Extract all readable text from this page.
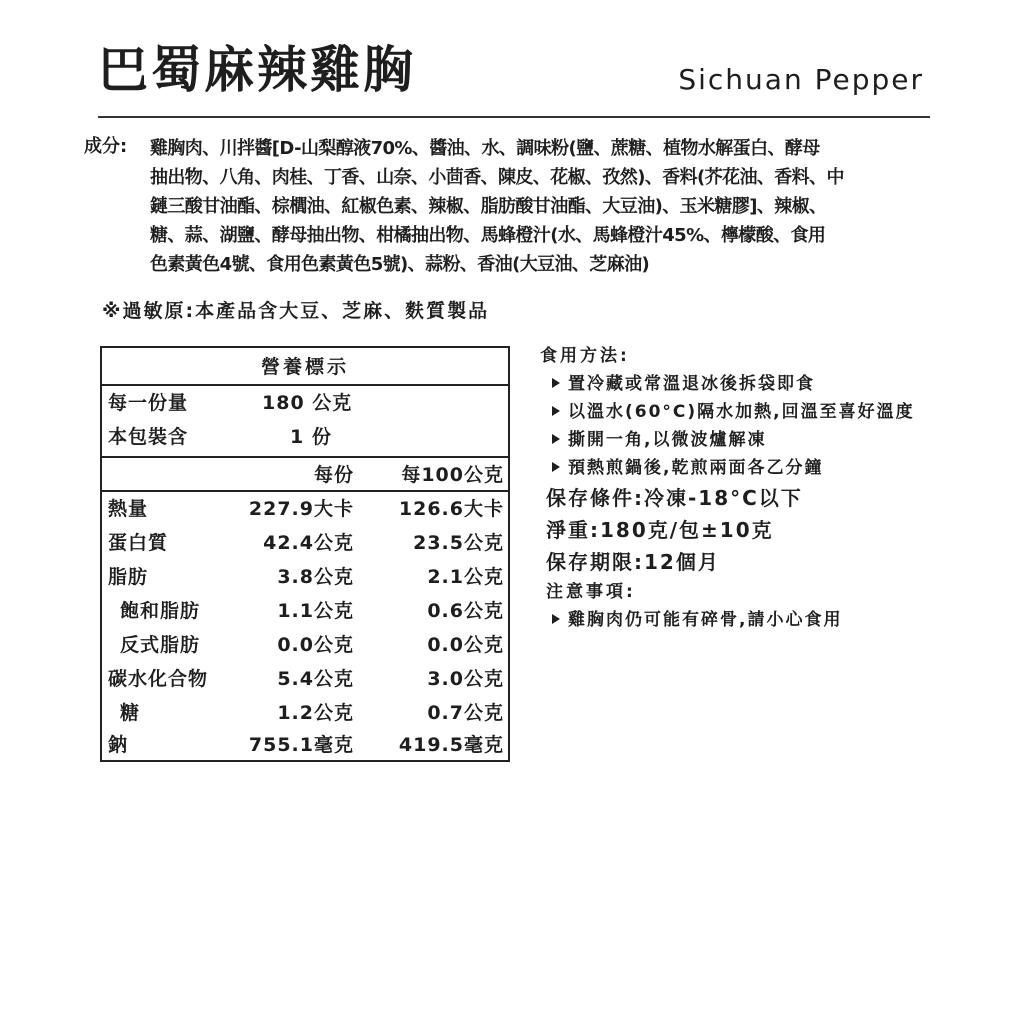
巴蜀麻辣雞胸	Sichuan Pepper
成分: 雞胸肉、川拌醬[D-山梨醇液70%、醬油、水、調味粉(鹽、蔗糖、植物水解蛋白、酵母
抽出物、八角、肉桂、丁香、山奈、小茴香、陳皮、花椒、孜然)、香料(芥花油、香料、中
鏈三酸甘油酯、棕櫚油、紅椒色素、辣椒、脂肪酸甘油酯、大豆油)、玉米糖膠]、辣椒、
糖、蒜、湖鹽、酵母抽出物、柑橘抽出物、馬蜂橙汁(水、馬蜂橙汁45%、檸檬酸、食用
色素黃色4號、食用色素黃色5號)、蒜粉、香油(大豆油、芝麻油)
※過敏原:本產品含大豆、芝麻、麩質製品
營養標示
每一份量	180 公克
本包裝含	1 份
每份 每100公克
熱量	227.9大卡 126.6大卡
蛋白質	42.4公克	23.5公克
脂肪	3.8公克	2.1公克
飽和脂肪	1.1公克	0.6公克
反式脂肪	0.0公克	0.0公克
碳水化合物	5.4公克	3.0公克
糖	1.2公克	0.7公克
鈉	755.1毫克 419.5毫克
食用方法:
置冷藏或常溫退冰後拆袋即食
以溫水(60°C)隔水加熱,回溫至喜好溫度
撕開一角,以微波爐解凍
預熱煎鍋後,乾煎兩面各乙分鐘
保存條件:冷凍-18°C以下
淨重:180克/包±10克
保存期限:12個月
注意事項:
雞胸肉仍可能有碎骨,請小心食用
